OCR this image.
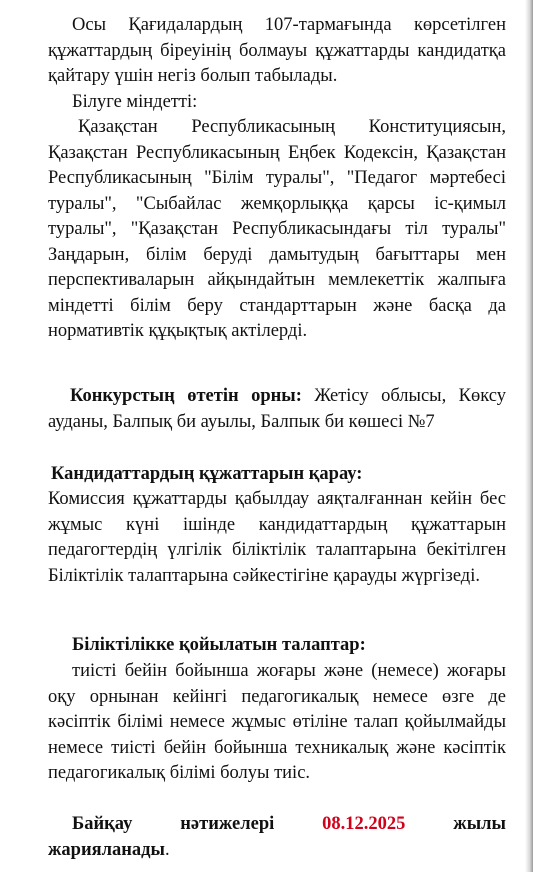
Осы Қағидалардың 107-тармағында көрсетілген құжаттардың біреуінің болмауы құжаттарды кандидатқа қайтару үшін негіз болып табылады.

Білуге міндетті:

Қазақстан Республикасының Конституциясын, Қазақстан Республикасының Еңбек Кодексін, Қазақстан Республикасының "Білім туралы", "Педагог мәртебесі туралы", "Сыбайлас жемқорлыққа қарсы іс-қимыл туралы", "Қазақстан Республикасындағы тіл туралы" Заңдарын, білім беруді дамытудың бағыттары мен перспективаларын айқындайтын мемлекеттік жалпыға міндетті білім беру стандарттарын және басқа да нормативтік құқықтық актілерді.

Конкурстың өтетін орны: Жетісу облысы, Көксу ауданы, Балпық би ауылы, Балпык би көшесі №7

Кандидаттардың құжаттарын қарау:

Комиссия құжаттарды қабылдау аяқталғаннан кейін бес жұмыс күні ішінде кандидаттардың құжаттарын педагогтердің үлгілік біліктілік талаптарына бекітілген Біліктілік талаптарына сәйкестігіне қарауды жүргізеді.

Біліктілікке қойылатын талаптар:

тиісті бейін бойынша жоғары және (немесе) жоғары оқу орнынан кейінгі педагогикалық немесе өзге де кәсіптік білімі немесе жұмыс өтіліне талап қойылмайды немесе тиісті бейін бойынша техникалық және кәсіптік педагогикалық білімі болуы тиіс.

Байқау	нәтижелері	08.12.2025	жылы
жарияланады.
